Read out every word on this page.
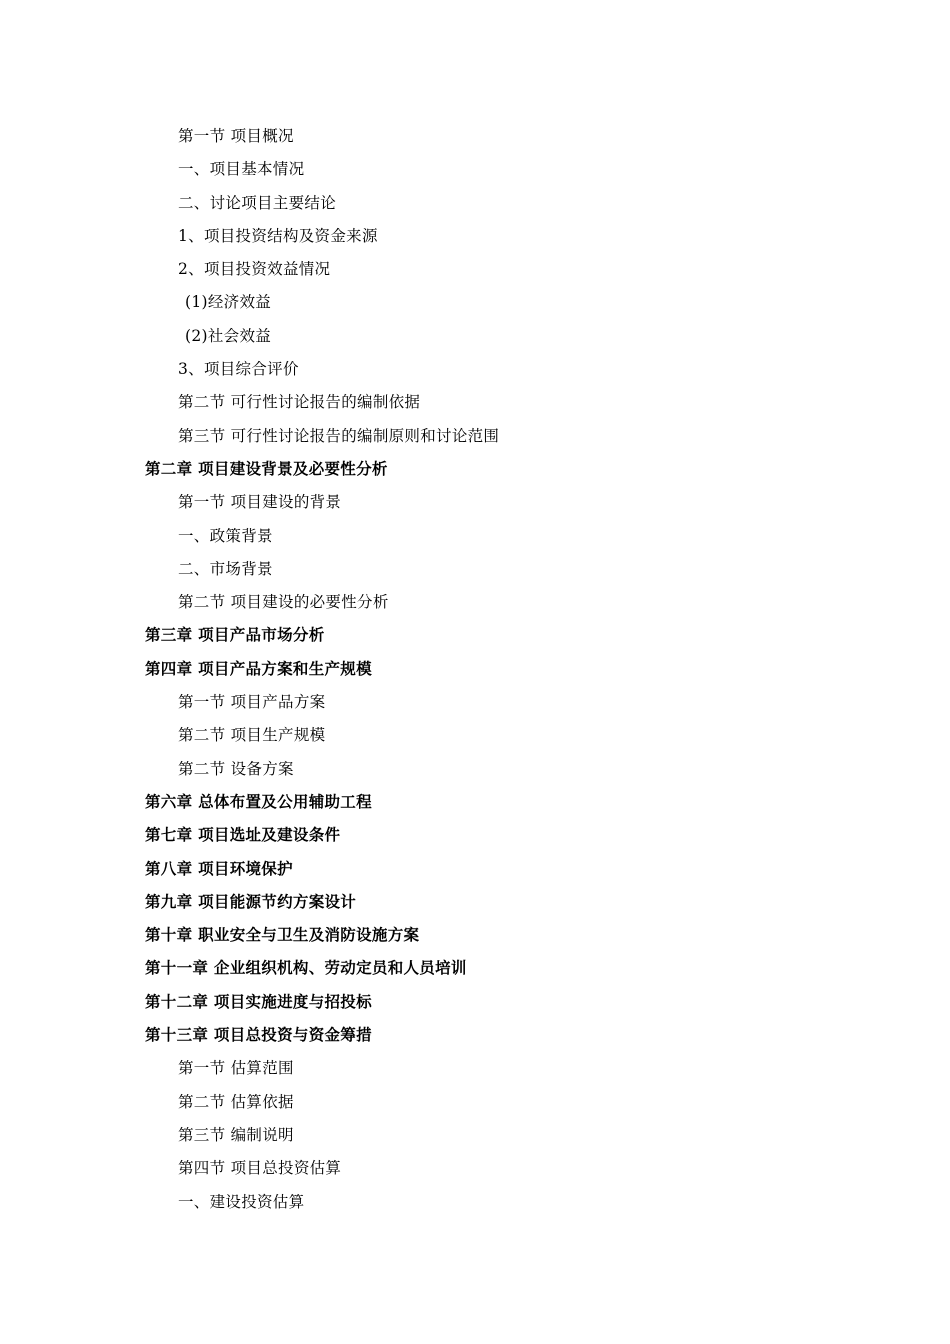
第一节 项目概况
一、项目基本情况
二、讨论项目主要结论
1、项目投资结构及资金来源
2、项目投资效益情况
(1)经济效益
(2)社会效益
3、项目综合评价
第二节 可行性讨论报告的编制依据
第三节 可行性讨论报告的编制原则和讨论范围
第二章 项目建设背景及必要性分析
第一节 项目建设的背景
一、政策背景
二、市场背景
第二节 项目建设的必要性分析
第三章 项目产品市场分析
第四章 项目产品方案和生产规模
第一节 项目产品方案
第二节 项目生产规模
第二节 设备方案
第六章 总体布置及公用辅助工程
第七章 项目选址及建设条件
第八章 项目环境保护
第九章 项目能源节约方案设计
第十章 职业安全与卫生及消防设施方案
第十一章 企业组织机构、劳动定员和人员培训
第十二章 项目实施进度与招投标
第十三章 项目总投资与资金筹措
第一节 估算范围
第二节 估算依据
第三节 编制说明
第四节 项目总投资估算
一、建设投资估算
